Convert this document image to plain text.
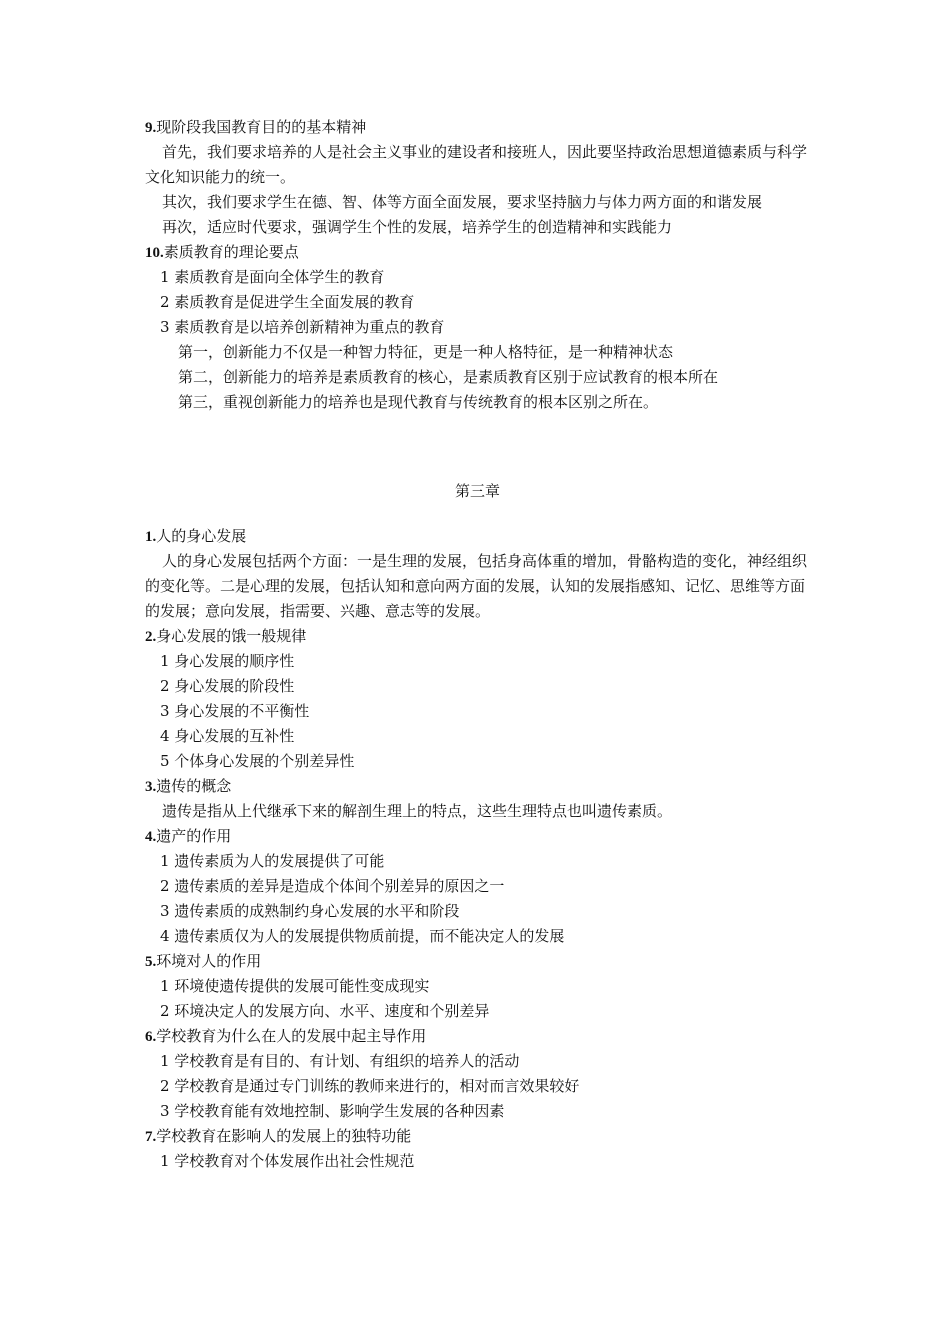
9.现阶段我国教育目的的基本精神
首先，我们要求培养的人是社会主义事业的建设者和接班人，因此要坚持政治思想道德素质与科学文化知识能力的统一。
其次，我们要求学生在德、智、体等方面全面发展，要求坚持脑力与体力两方面的和谐发展
再次，适应时代要求，强调学生个性的发展，培养学生的创造精神和实践能力
10.素质教育的理论要点
1 素质教育是面向全体学生的教育
2 素质教育是促进学生全面发展的教育
3 素质教育是以培养创新精神为重点的教育
第一，创新能力不仅是一种智力特征，更是一种人格特征，是一种精神状态
第二，创新能力的培养是素质教育的核心，是素质教育区别于应试教育的根本所在
第三，重视创新能力的培养也是现代教育与传统教育的根本区别之所在。
第三章
1.人的身心发展
人的身心发展包括两个方面：一是生理的发展，包括身高体重的增加，骨骼构造的变化，神经组织的变化等。二是心理的发展，包括认知和意向两方面的发展，认知的发展指感知、记忆、思维等方面的发展；意向发展，指需要、兴趣、意志等的发展。
2.身心发展的饿一般规律
1 身心发展的顺序性
2 身心发展的阶段性
3 身心发展的不平衡性
4 身心发展的互补性
5 个体身心发展的个别差异性
3.遗传的概念
遗传是指从上代继承下来的解剖生理上的特点，这些生理特点也叫遗传素质。
4.遗产的作用
1 遗传素质为人的发展提供了可能
2 遗传素质的差异是造成个体间个别差异的原因之一
3 遗传素质的成熟制约身心发展的水平和阶段
4 遗传素质仅为人的发展提供物质前提，而不能决定人的发展
5.环境对人的作用
1 环境使遗传提供的发展可能性变成现实
2 环境决定人的发展方向、水平、速度和个别差异
6.学校教育为什么在人的发展中起主导作用
1 学校教育是有目的、有计划、有组织的培养人的活动
2 学校教育是通过专门训练的教师来进行的，相对而言效果较好
3 学校教育能有效地控制、影响学生发展的各种因素
7.学校教育在影响人的发展上的独特功能
1 学校教育对个体发展作出社会性规范
